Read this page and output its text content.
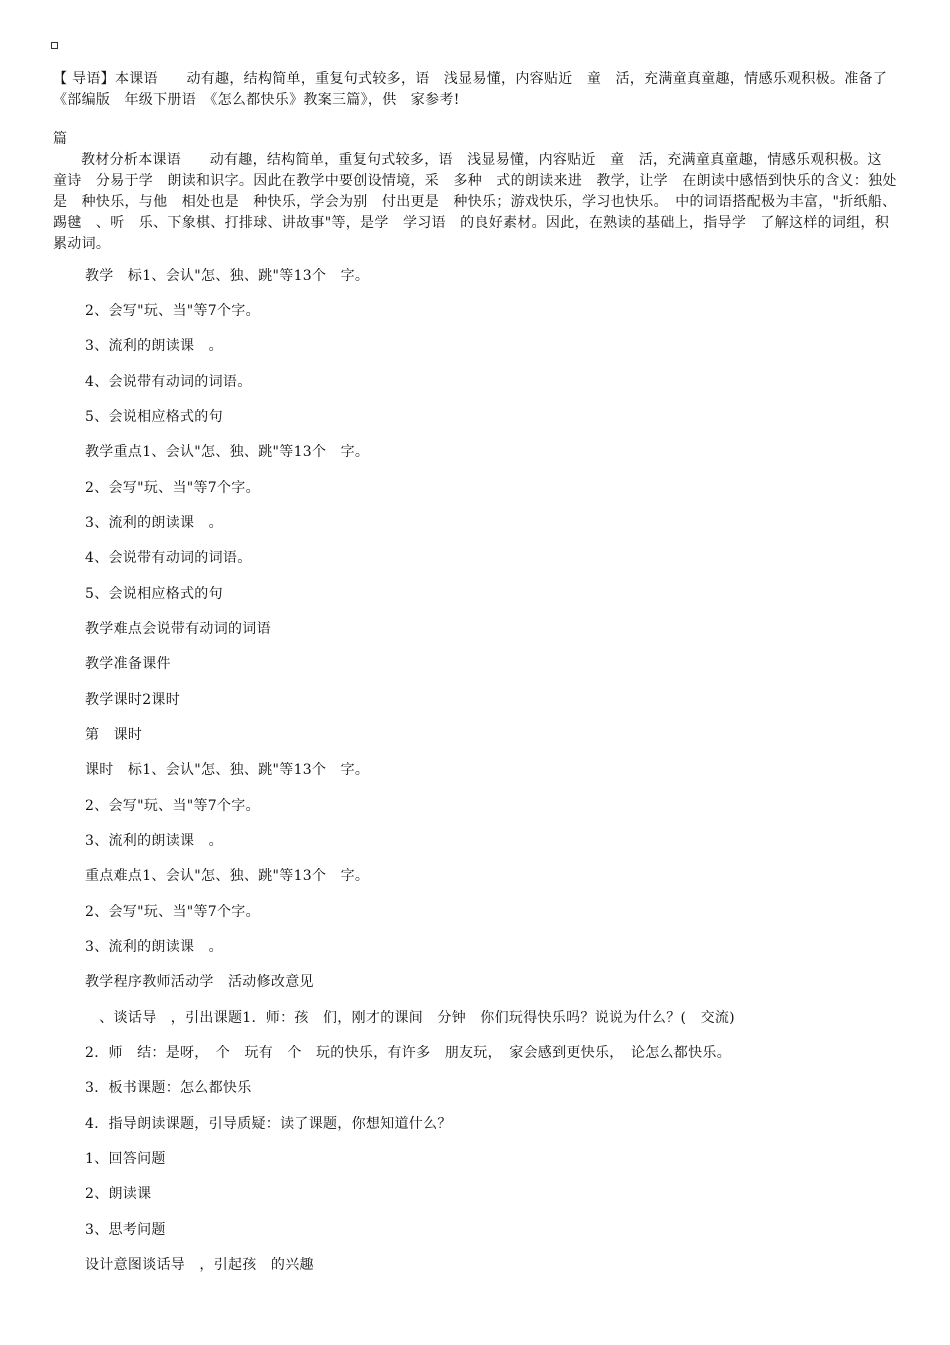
【 导语】本课语　　动有趣，结构简单，重复句式较多，语　浅显易懂，内容贴近　童　活，充满童真童趣，情感乐观积极。准备了《部编版　年级下册语　《怎么都快乐》教案三篇》，供　家参考!

篇

教材分析本课语　　动有趣，结构简单，重复句式较多，语　浅显易懂，内容贴近　童　活，充满童真童趣，情感乐观积极。这　　童诗　分易于学　朗读和识字。因此在教学中要创设情境，采　多种　式的朗读来进　教学，让学　在朗读中感悟到快乐的含义：独处是　种快乐，与他　相处也是　种快乐，学会为别　付出更是　种快乐；游戏快乐，学习也快乐。　中的词语搭配极为丰富，"折纸船、踢毽　、听　乐、下象棋、打排球、讲故事"等，是学　学习语　的良好素材。因此，在熟读的基础上，指导学　了解这样的词组，积累动词。

教学　标1、会认"怎、独、跳"等13个　字。

2、会写"玩、当"等7个字。

3、流利的朗读课　。

4、会说带有动词的词语。

5、会说相应格式的句

教学重点1、会认"怎、独、跳"等13个　字。

2、会写"玩、当"等7个字。

3、流利的朗读课　。

4、会说带有动词的词语。

5、会说相应格式的句

教学难点会说带有动词的词语

教学准备课件

教学课时2课时

第　课时

课时　标1、会认"怎、独、跳"等13个　字。

2、会写"玩、当"等7个字。

3、流利的朗读课　。

重点难点1、会认"怎、独、跳"等13个　字。

2、会写"玩、当"等7个字。

3、流利的朗读课　。

教学程序教师活动学　活动修改意见

　、谈话导　，引出课题1．师：孩　们，刚才的课间　分钟　你们玩得快乐吗？说说为什么？(　交流)

2．师　结：是呀，　个　玩有　个　玩的快乐，有许多　朋友玩，　家会感到更快乐，　论怎么都快乐。

3．板书课题：怎么都快乐

4．指导朗读课题，引导质疑：读了课题，你想知道什么？

1、回答问题

2、朗读课

3、思考问题

设计意图谈话导　，引起孩　的兴趣
